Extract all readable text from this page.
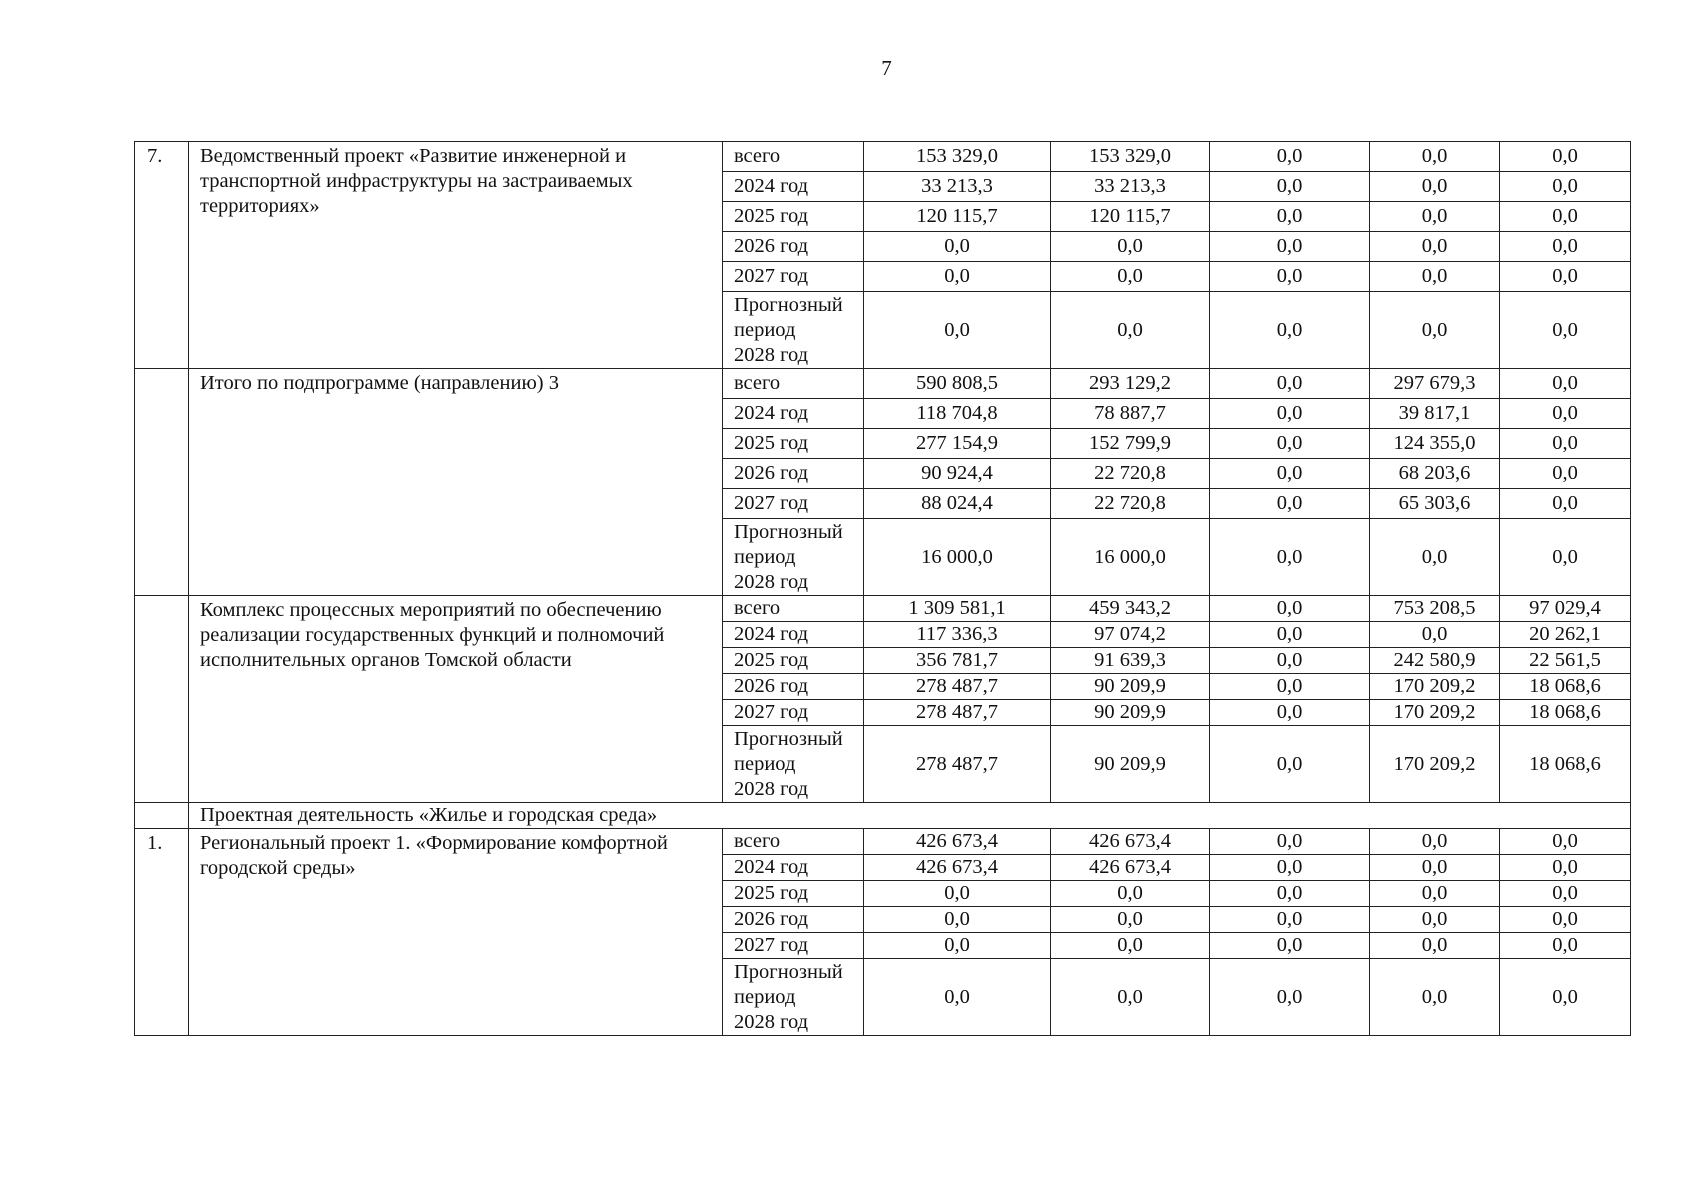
7
7.	Ведомственный проект «Развитие инженерной и транспортной инфраструктуры на застраиваемых территориях»	всего	153 329,0	153 329,0	0,0	0,0	0,0
		2024 год	33 213,3	33 213,3	0,0	0,0	0,0
		2025 год	120 115,7	120 115,7	0,0	0,0	0,0
		2026 год	0,0	0,0	0,0	0,0	0,0
		2027 год	0,0	0,0	0,0	0,0	0,0

		Прогнозный
период
2028 год	0,0	0,0	0,0	0,0	0,0
	Итого по подпрограмме (направлению) 3	всего	590 808,5	293 129,2	0,0	297 679,3	0,0
		2024 год	118 704,8	78 887,7	0,0	39 817,1	0,0
		2025 год	277 154,9	152 799,9	0,0	124 355,0	0,0
		2026 год	90 924,4	22 720,8	0,0	68 203,6	0,0
		2027 год	88 024,4	22 720,8	0,0	65 303,6	0,0

		Прогнозный
период
2028 год	16 000,0	16 000,0	0,0	0,0	0,0
	Комплекс процессных мероприятий по обеспечению реализации государственных функций и полномочий исполнительных органов Томской области	всего	1 309 581,1	459 343,2	0,0	753 208,5	97 029,4
		2024 год	117 336,3	97 074,2	0,0	0,0	20 262,1
		2025 год	356 781,7	91 639,3	0,0	242 580,9	22 561,5
		2026 год	278 487,7	90 209,9	0,0	170 209,2	18 068,6
		2027 год	278 487,7	90 209,9	0,0	170 209,2	18 068,6

		Прогнозный
период
2028 год	278 487,7	90 209,9	0,0	170 209,2	18 068,6
	Проектная деятельность «Жилье и городская среда»						
1.	Региональный проект 1. «Формирование комфортной городской среды»	всего	426 673,4	426 673,4	0,0	0,0	0,0
		2024 год	426 673,4	426 673,4	0,0	0,0	0,0
		2025 год	0,0	0,0	0,0	0,0	0,0
		2026 год	0,0	0,0	0,0	0,0	0,0
		2027 год	0,0	0,0	0,0	0,0	0,0

		Прогнозный
период
2028 год	0,0	0,0	0,0	0,0	0,0
